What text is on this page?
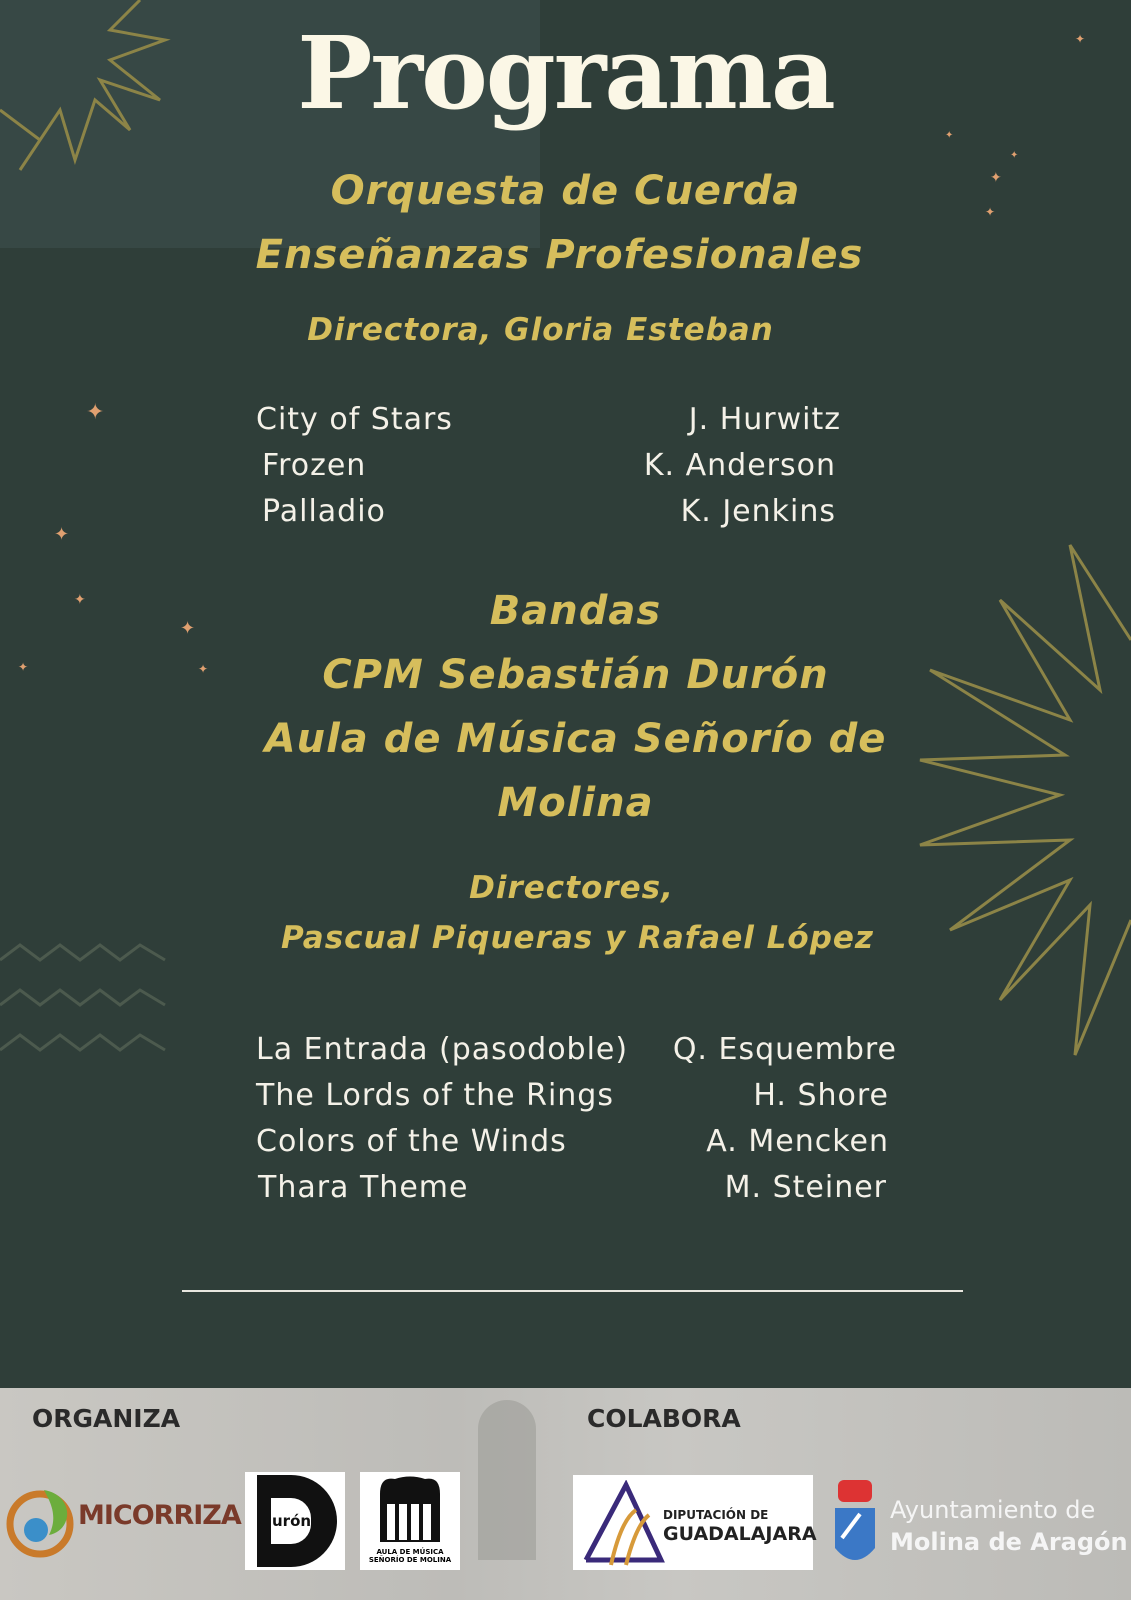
✦
✦
✦
✦
✦
✦
✦
✦
✦
✦
✦
Programa
Orquesta de Cuerda
Enseñanzas Profesionales
Directora, Gloria Esteban
City of Stars
Frozen
Palladio
J. Hurwitz
K. Anderson
K. Jenkins
Bandas
CPM Sebastián Durón
Aula de Música Señorío de
Molina
Directores,
Pascual Piqueras y Rafael López
La Entrada (pasodoble)
The Lords of the Rings
Colors of the Winds
Thara Theme
Q. Esquembre
H. Shore
A. Mencken
M. Steiner
ORGANIZA	COLABORA
MICORRIZA urón
AULA DE MÚSICA SEÑORÍO DE MOLINA
DIPUTACIÓN DE
GUADALAJARA
Ayuntamiento de
Molina de Aragón
